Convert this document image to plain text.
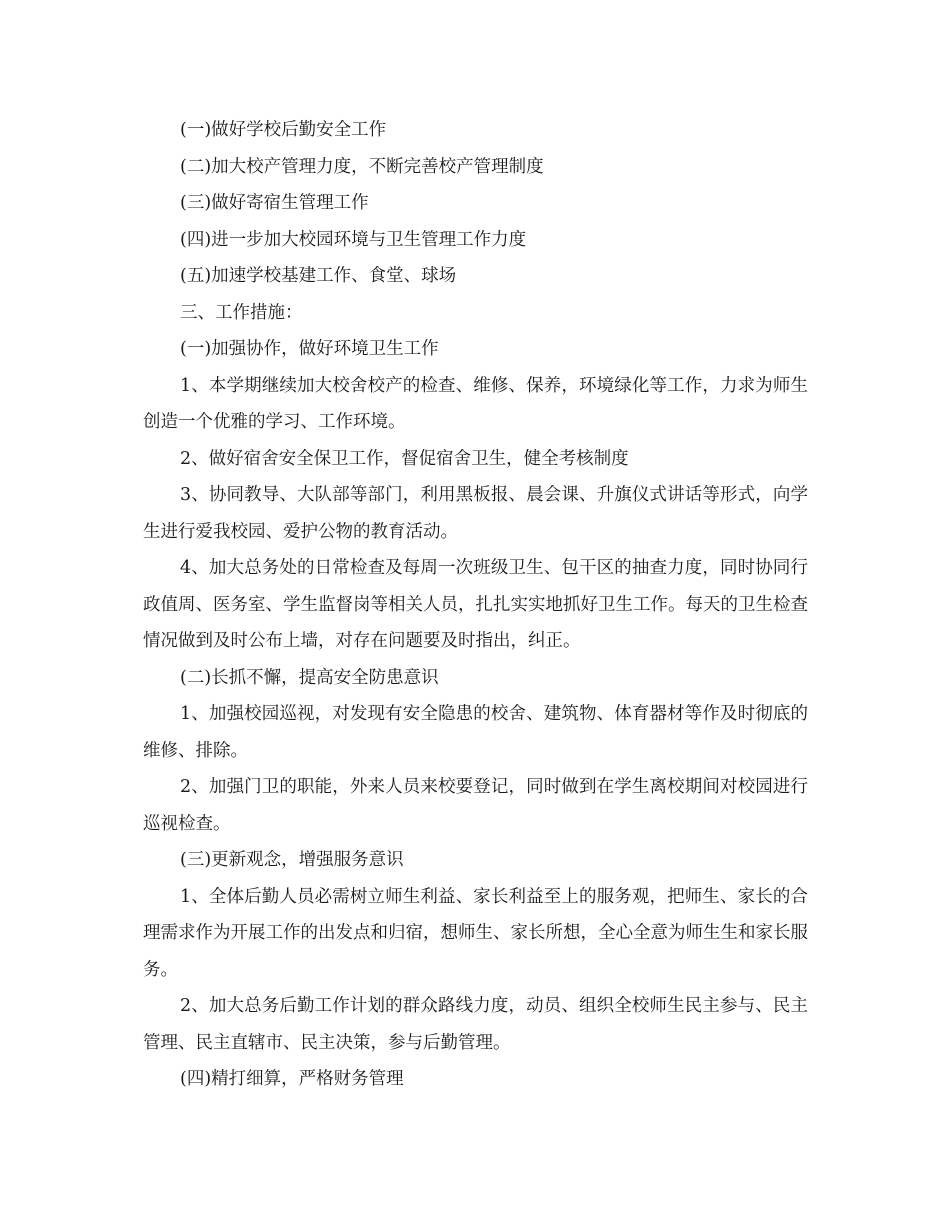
(一)做好学校后勤安全工作

(二)加大校产管理力度，不断完善校产管理制度

(三)做好寄宿生管理工作

(四)进一步加大校园环境与卫生管理工作力度

(五)加速学校基建工作、食堂、球场

三、工作措施：

(一)加强协作，做好环境卫生工作

1、本学期继续加大校舍校产的检查、维修、保养，环境绿化等工作，力求为师生创造一个优雅的学习、工作环境。

2、做好宿舍安全保卫工作，督促宿舍卫生，健全考核制度

3、协同教导、大队部等部门，利用黑板报、晨会课、升旗仪式讲话等形式，向学生进行爱我校园、爱护公物的教育活动。

4、加大总务处的日常检查及每周一次班级卫生、包干区的抽查力度，同时协同行政值周、医务室、学生监督岗等相关人员，扎扎实实地抓好卫生工作。每天的卫生检查情况做到及时公布上墙，对存在问题要及时指出，纠正。

(二)长抓不懈，提高安全防患意识

1、加强校园巡视，对发现有安全隐患的校舍、建筑物、体育器材等作及时彻底的维修、排除。

2、加强门卫的职能，外来人员来校要登记，同时做到在学生离校期间对校园进行巡视检查。

(三)更新观念，增强服务意识

1、全体后勤人员必需树立师生利益、家长利益至上的服务观，把师生、家长的合理需求作为开展工作的出发点和归宿，想师生、家长所想，全心全意为师生生和家长服务。

2、加大总务后勤工作计划的群众路线力度，动员、组织全校师生民主参与、民主管理、民主直辖市、民主决策，参与后勤管理。

(四)精打细算，严格财务管理
